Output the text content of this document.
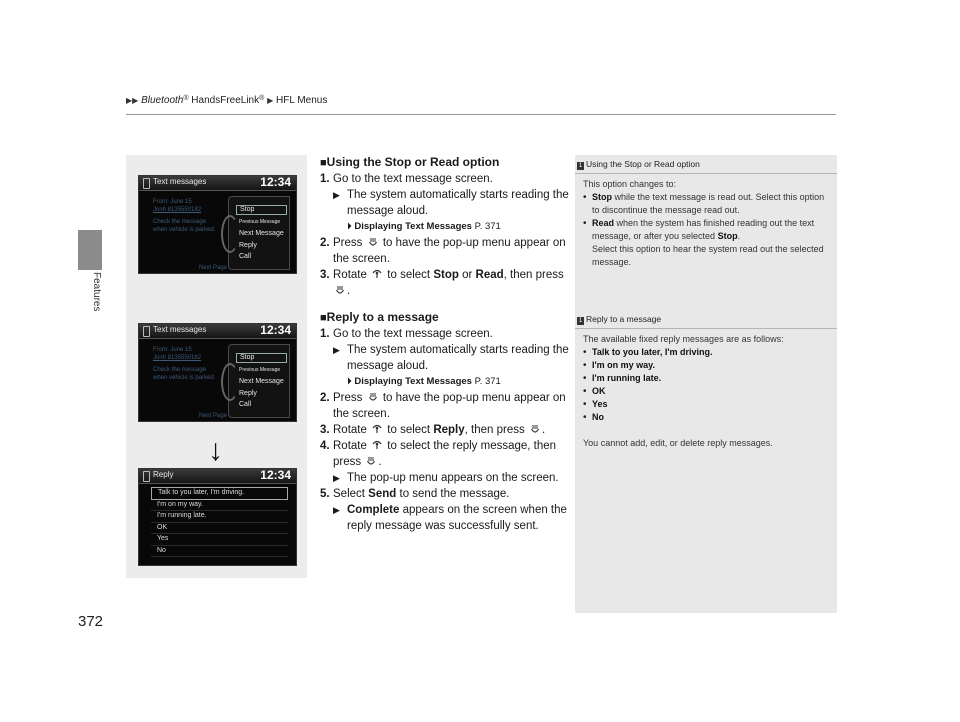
▶▶ Bluetooth® HandsFreeLink® ▶ HFL Menus
Features
372
Text messages	12:34
From: June 15
Jonh 8135550182
Check the message
when vehicle is parked.
Next Page
Stop
Previous Message
Next Message
Reply
Call
Text messages	12:34
From: June 15
Jonh 8135550182
Check the message
when vehicle is parked.
Next Page
Stop
Previous Message
Next Message
Reply
Call
↓
Reply	12:34
Talk to you later, I'm driving.
I'm on my way.
I'm running late.
OK
Yes
No
■Using the Stop or Read option
1. Go to the text message screen.
▶ The system automatically starts reading the message aloud.
⏵ Displaying Text Messages P. 371
2. Press to have the pop-up menu appear on the screen.
3. Rotate to select Stop or Read, then press .
■Reply to a message
1. Go to the text message screen.
▶ The system automatically starts reading the message aloud.
⏵ Displaying Text Messages P. 371
2. Press to have the pop-up menu appear on the screen.
3. Rotate to select Reply, then press .
4. Rotate to select the reply message, then press .
▶ The pop-up menu appears on the screen.
5. Select Send to send the message.
▶ Complete appears on the screen when the reply message was successfully sent.
1 Using the Stop or Read option
This option changes to:
• Stop while the text message is read out. Select this option to discontinue the message read out.
• Read when the system has finished reading out the text message, or after you selected Stop.
Select this option to hear the system read out the selected message.
1 Reply to a message
The available fixed reply messages are as follows:
• Talk to you later, I'm driving.
• I'm on my way.
• I'm running late.
• OK
• Yes
• No
You cannot add, edit, or delete reply messages.
